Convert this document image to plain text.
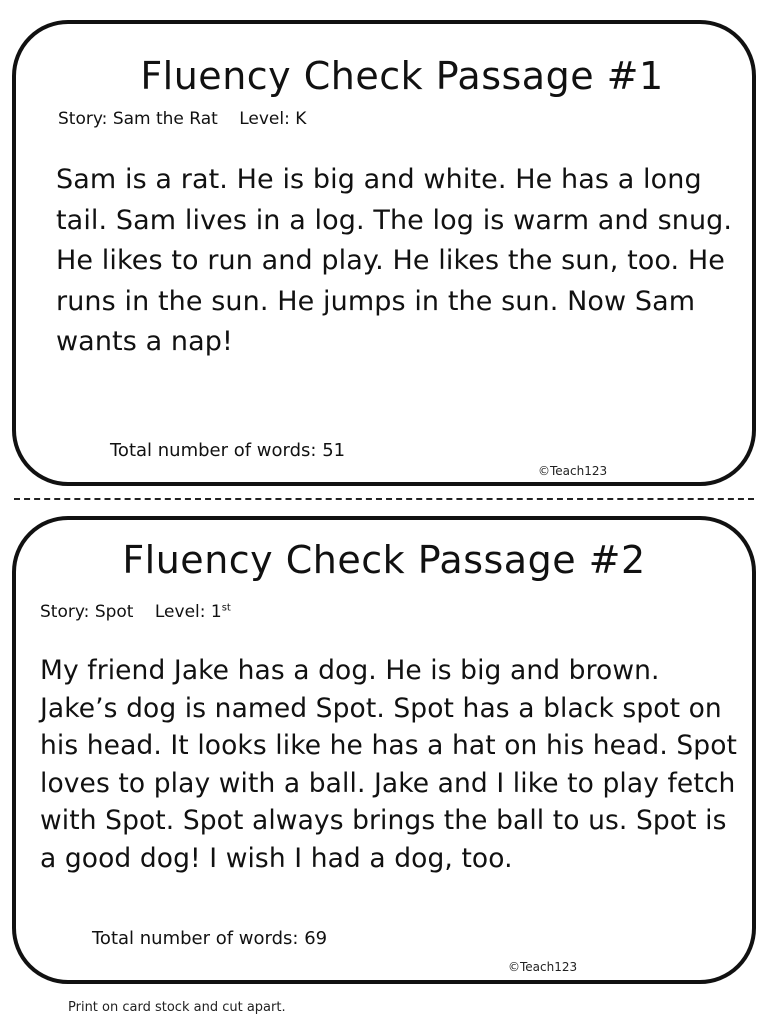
Fluency Check Passage #1
Story: Sam the Rat Level: K

Sam is a rat. He is big and white. He has a long tail. Sam lives in a log. The log is warm and snug. He likes to run and play. He likes the sun, too. He runs in the sun. He jumps in the sun. Now Sam wants a nap!

Total number of words: 51
©Teach123
Fluency Check Passage #2
Story: Spot Level: 1st

My friend Jake has a dog. He is big and brown. Jake’s dog is named Spot. Spot has a black spot on his head. It looks like he has a hat on his head. Spot loves to play with a ball. Jake and I like to play fetch with Spot. Spot always brings the ball to us. Spot is a good dog! I wish I had a dog, too.

Total number of words: 69
©Teach123
Print on card stock and cut apart.
